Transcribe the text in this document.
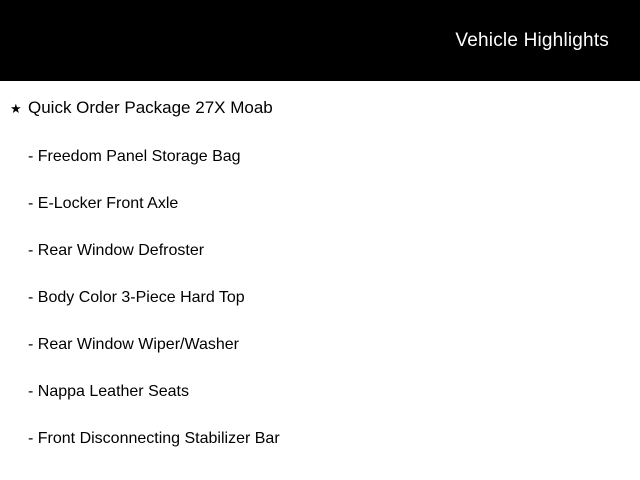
Vehicle Highlights
★ Quick Order Package 27X Moab
- Freedom Panel Storage Bag
- E-Locker Front Axle
- Rear Window Defroster
- Body Color 3-Piece Hard Top
- Rear Window Wiper/Washer
- Nappa Leather Seats
- Front Disconnecting Stabilizer Bar
